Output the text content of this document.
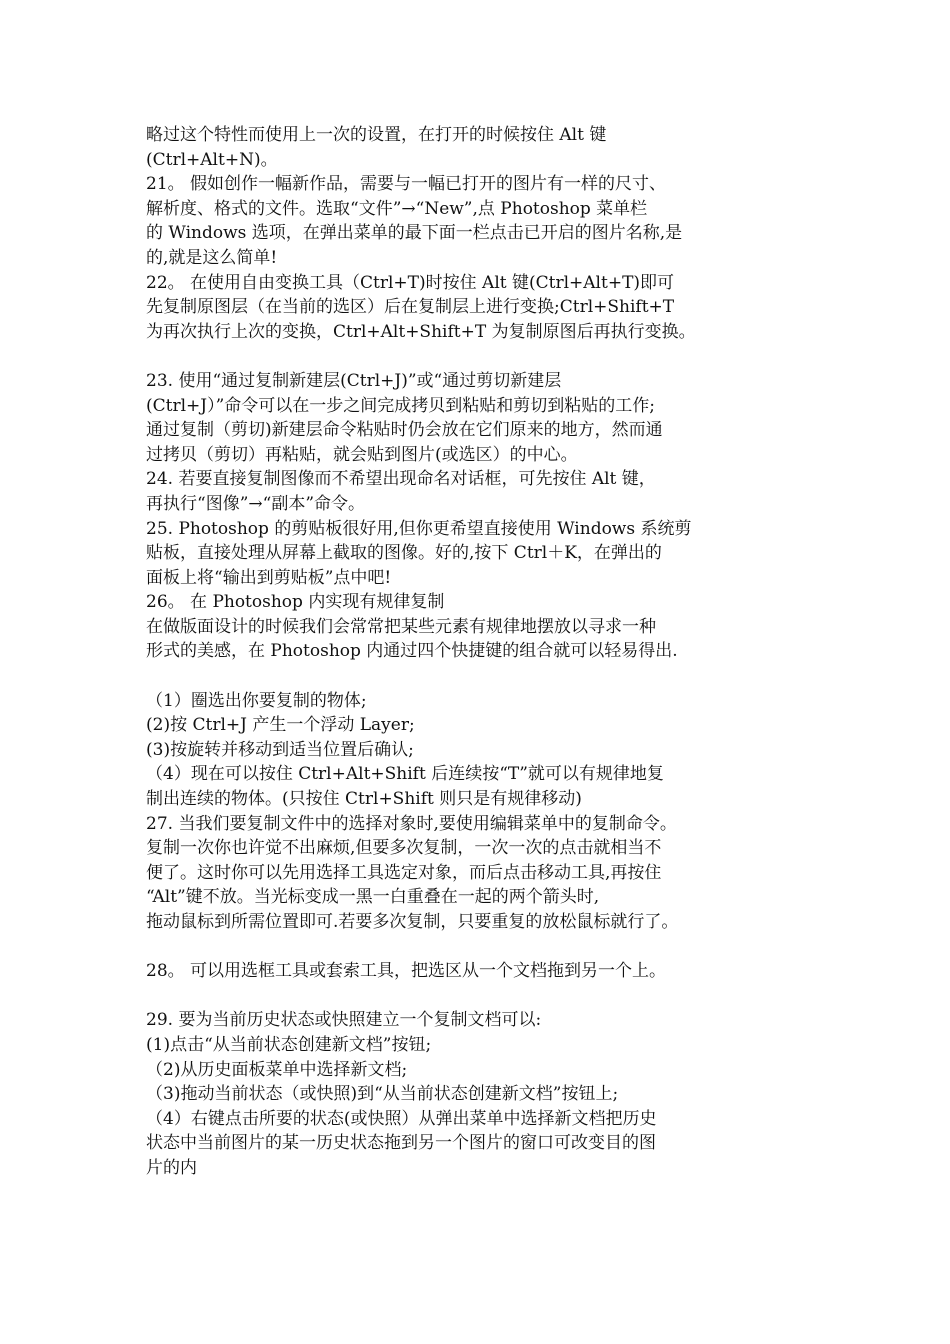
略过这个特性而使用上一次的设置，在打开的时候按住 Alt 键
(Ctrl+Alt+N)。
21。 假如创作一幅新作品，需要与一幅已打开的图片有一样的尺寸、
解析度、格式的文件。选取“文件”→“New”,点 Photoshop 菜单栏
的 Windows 选项，在弹出菜单的最下面一栏点击已开启的图片名称,是
的,就是这么简单!
22。 在使用自由变换工具（Ctrl+T)时按住 Alt 键(Ctrl+Alt+T)即可
先复制原图层（在当前的选区）后在复制层上进行变换;Ctrl+Shift+T
为再次执行上次的变换，Ctrl+Alt+Shift+T 为复制原图后再执行变换。
23. 使用“通过复制新建层(Ctrl+J)”或“通过剪切新建层
(Ctrl+J）”命令可以在一步之间完成拷贝到粘贴和剪切到粘贴的工作;
通过复制（剪切)新建层命令粘贴时仍会放在它们原来的地方，然而通
过拷贝（剪切）再粘贴，就会贴到图片(或选区）的中心。
24. 若要直接复制图像而不希望出现命名对话框，可先按住 Alt 键，
再执行“图像”→“副本”命令。
25. Photoshop 的剪贴板很好用,但你更希望直接使用 Windows 系统剪
贴板，直接处理从屏幕上截取的图像。好的,按下 Ctrl＋K，在弹出的
面板上将“输出到剪贴板”点中吧!
26。 在 Photoshop 内实现有规律复制
在做版面设计的时候我们会常常把某些元素有规律地摆放以寻求一种
形式的美感，在 Photoshop 内通过四个快捷键的组合就可以轻易得出.
（1）圈选出你要复制的物体;
(2)按 Ctrl+J 产生一个浮动 Layer;
(3)按旋转并移动到适当位置后确认;
（4）现在可以按住 Ctrl+Alt+Shift 后连续按“T”就可以有规律地复
制出连续的物体。(只按住 Ctrl+Shift 则只是有规律移动)
27. 当我们要复制文件中的选择对象时,要使用编辑菜单中的复制命令。
复制一次你也许觉不出麻烦,但要多次复制，一次一次的点击就相当不
便了。这时你可以先用选择工具选定对象，而后点击移动工具,再按住
“Alt”键不放。当光标变成一黑一白重叠在一起的两个箭头时,
拖动鼠标到所需位置即可.若要多次复制，只要重复的放松鼠标就行了。
28。 可以用选框工具或套索工具，把选区从一个文档拖到另一个上。
29. 要为当前历史状态或快照建立一个复制文档可以:
(1)点击“从当前状态创建新文档”按钮;
（2)从历史面板菜单中选择新文档;
（3)拖动当前状态（或快照)到“从当前状态创建新文档”按钮上;
（4）右键点击所要的状态(或快照）从弹出菜单中选择新文档把历史
状态中当前图片的某一历史状态拖到另一个图片的窗口可改变目的图
片的内
